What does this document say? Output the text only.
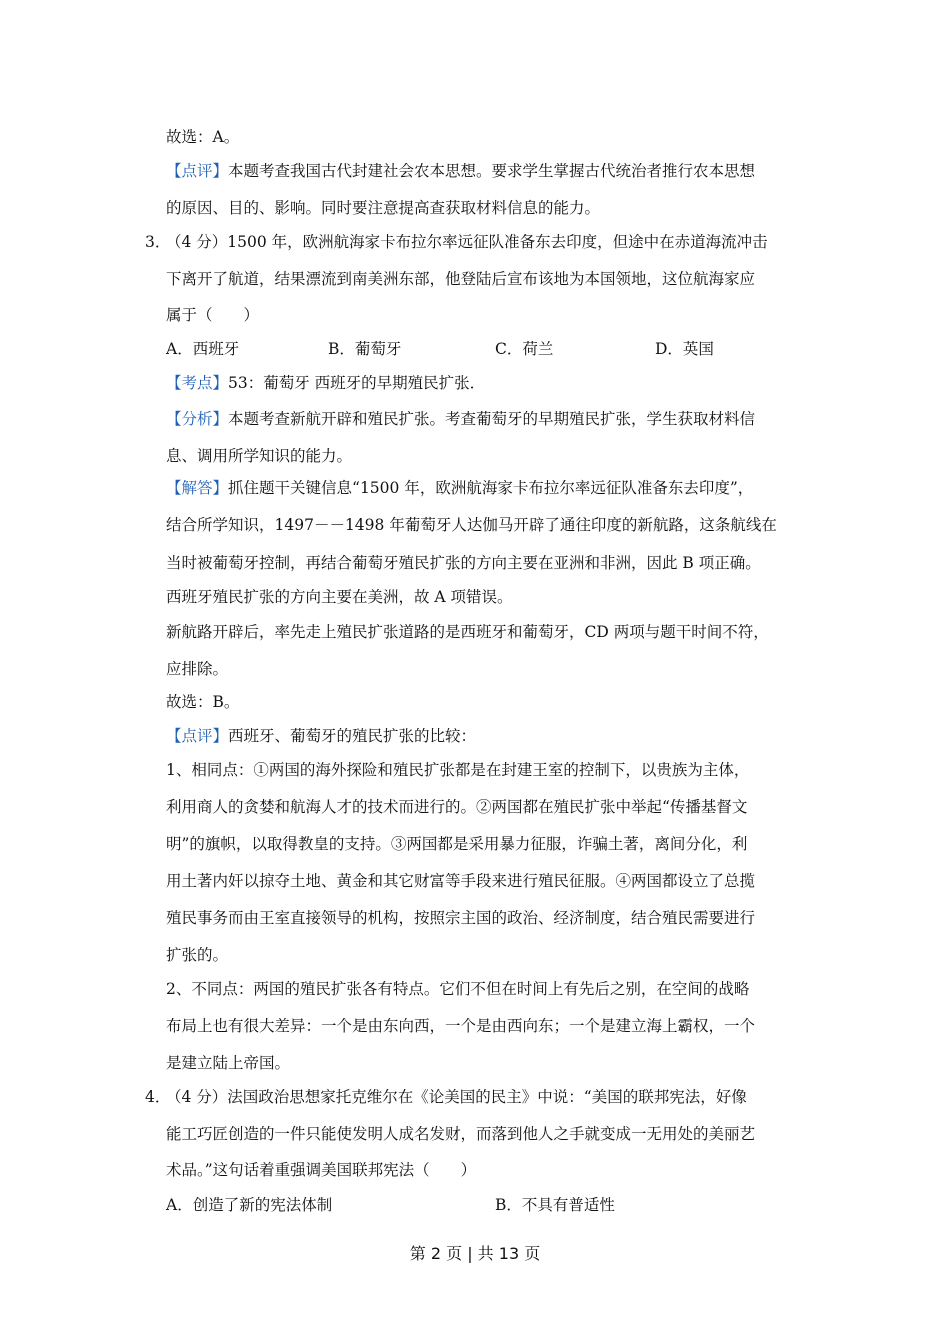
故选：A。
【点评】本题考查我国古代封建社会农本思想。要求学生掌握古代统治者推行农本思想
的原因、目的、影响。同时要注意提高查获取材料信息的能力。
3．
（4 分）1500 年，欧洲航海家卡布拉尔率远征队准备东去印度，但途中在赤道海流冲击
下离开了航道，结果漂流到南美洲东部，他登陆后宣布该地为本国领地，这位航海家应
属于（　　）
A．西班牙	B．葡萄牙	C．荷兰	D．英国
【考点】53：葡萄牙 西班牙的早期殖民扩张．
【分析】本题考查新航开辟和殖民扩张。考查葡萄牙的早期殖民扩张，学生获取材料信
息、调用所学知识的能力。
【解答】抓住题干关键信息“1500 年，欧洲航海家卡布拉尔率远征队准备东去印度”，
结合所学知识，1497－－1498 年葡萄牙人达伽马开辟了通往印度的新航路，这条航线在
当时被葡萄牙控制，再结合葡萄牙殖民扩张的方向主要在亚洲和非洲，因此 B 项正确。
西班牙殖民扩张的方向主要在美洲，故 A 项错误。
新航路开辟后，率先走上殖民扩张道路的是西班牙和葡萄牙，CD 两项与题干时间不符，
应排除。
故选：B。
【点评】西班牙、葡萄牙的殖民扩张的比较：
1、相同点：①两国的海外探险和殖民扩张都是在封建王室的控制下，以贵族为主体，
利用商人的贪婪和航海人才的技术而进行的。②两国都在殖民扩张中举起“传播基督文
明”的旗帜，以取得教皇的支持。③两国都是采用暴力征服，诈骗土著，离间分化，利
用土著内奸以掠夺土地、黄金和其它财富等手段来进行殖民征服。④两国都设立了总揽
殖民事务而由王室直接领导的机构，按照宗主国的政治、经济制度，结合殖民需要进行
扩张的。
2、不同点：两国的殖民扩张各有特点。它们不但在时间上有先后之别，在空间的战略
布局上也有很大差异：一个是由东向西，一个是由西向东；一个是建立海上霸权，一个
是建立陆上帝国。
4．
（4 分）法国政治思想家托克维尔在《论美国的民主》中说：“美国的联邦宪法，好像
能工巧匠创造的一件只能使发明人成名发财，而落到他人之手就变成一无用处的美丽艺
术品。”这句话着重强调美国联邦宪法（　　）
A．创造了新的宪法体制	B．不具有普适性
第 2 页 | 共 13 页
